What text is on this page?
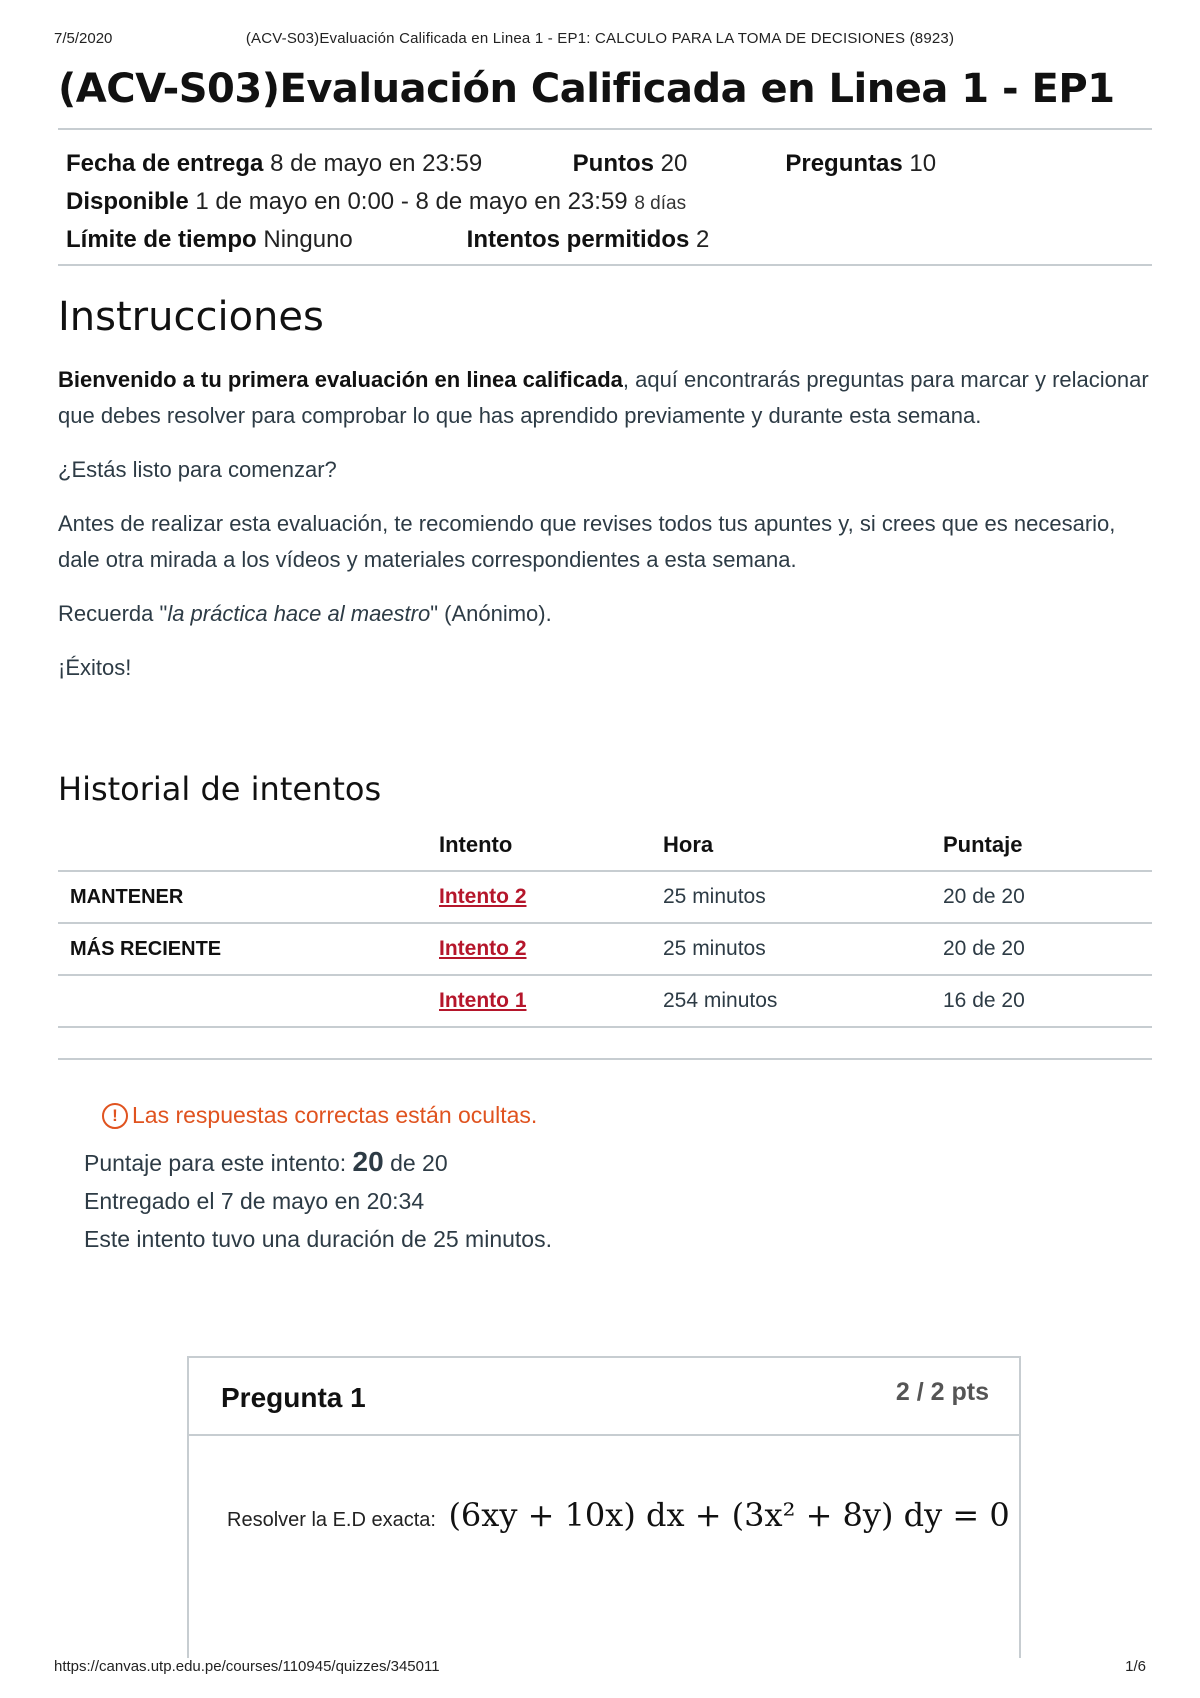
7/5/2020	(ACV-S03)Evaluación Calificada en Linea 1 - EP1: CALCULO PARA LA TOMA DE DECISIONES (8923)
(ACV-S03)Evaluación Calificada en Linea 1 - EP1
Fecha de entrega 8 de mayo en 23:59	Puntos 20	Preguntas 10
Disponible 1 de mayo en 0:00 - 8 de mayo en 23:59 8 días
Límite de tiempo Ninguno	Intentos permitidos 2
Instrucciones

Bienvenido a tu primera evaluación en linea calificada, aquí encontrarás preguntas para marcar y relacionar que debes resolver para comprobar lo que has aprendido previamente y durante esta semana.

¿Estás listo para comenzar?

Antes de realizar esta evaluación, te recomiendo que revises todos tus apuntes y, si crees que es necesario, dale otra mirada a los vídeos y materiales correspondientes a esta semana.

Recuerda "la práctica hace al maestro" (Anónimo).

¡Éxitos!

Historial de intentos
	Intento	Hora	Puntaje
MANTENER	Intento 2	25 minutos	20 de 20
MÁS RECIENTE	Intento 2	25 minutos	20 de 20
	Intento 1	254 minutos	16 de 20
! Las respuestas correctas están ocultas.
Puntaje para este intento: 20 de 20
Entregado el 7 de mayo en 20:34
Este intento tuvo una duración de 25 minutos.
Pregunta 1	2 / 2 pts
Resolver la E.D exacta: (6xy + 10x) dx + (3x² + 8y) dy = 0
https://canvas.utp.edu.pe/courses/110945/quizzes/345011	1/6
